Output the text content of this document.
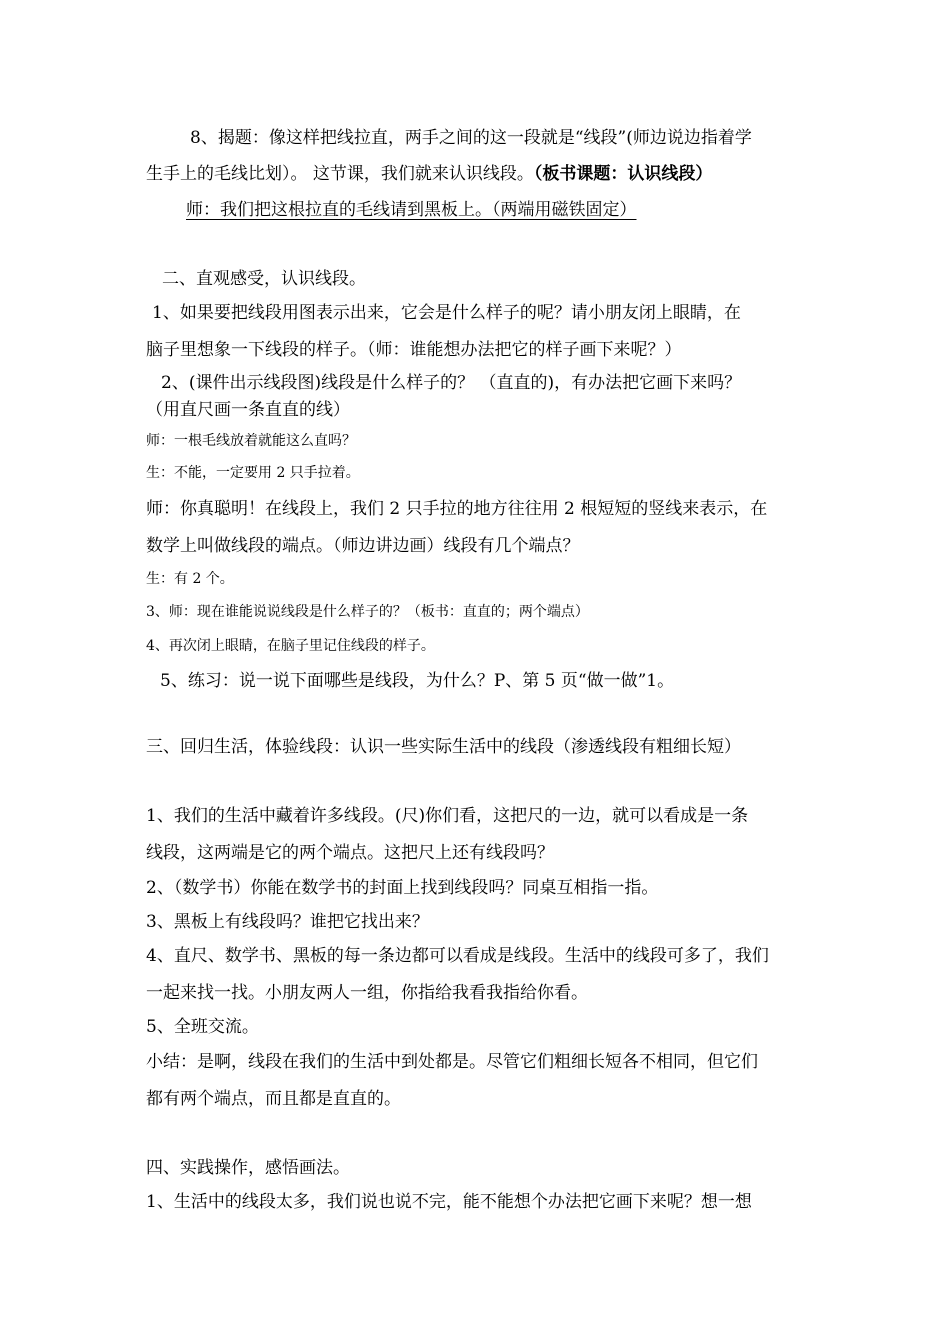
8、揭题：像这样把线拉直，两手之间的这一段就是“线段”(师边说边指着学
生手上的毛线比划）。 这节课，我们就来认识线段。（板书课题：认识线段）
师：我们把这根拉直的毛线请到黑板上。（两端用磁铁固定）
二、直观感受，认识线段。
1、如果要把线段用图表示出来，它会是什么样子的呢？请小朋友闭上眼睛，在
脑子里想象一下线段的样子。（师：谁能想办法把它的样子画下来呢？）
2、(课件出示线段图)线段是什么样子的？ （直直的)，有办法把它画下来吗？
（用直尺画一条直直的线）
师：一根毛线放着就能这么直吗？
生：不能，一定要用 2 只手拉着。
师：你真聪明！在线段上，我们 2 只手拉的地方往往用 2 根短短的竖线来表示，在
数学上叫做线段的端点。（师边讲边画）线段有几个端点？
生：有 2 个。
3、师：现在谁能说说线段是什么样子的？（板书：直直的；两个端点）
4、再次闭上眼睛，在脑子里记住线段的样子。
5、练习：说一说下面哪些是线段，为什么？P、第 5 页“做一做”1。
三、回归生活，体验线段：认识一些实际生活中的线段（渗透线段有粗细长短）
1、我们的生活中藏着许多线段。(尺)你们看，这把尺的一边，就可以看成是一条
线段，这两端是它的两个端点。这把尺上还有线段吗？
2、（数学书）你能在数学书的封面上找到线段吗？同桌互相指一指。
3、黑板上有线段吗？谁把它找出来？
4、直尺、数学书、黑板的每一条边都可以看成是线段。生活中的线段可多了，我们
一起来找一找。小朋友两人一组，你指给我看我指给你看。
5、全班交流。
小结：是啊，线段在我们的生活中到处都是。尽管它们粗细长短各不相同，但它们
都有两个端点，而且都是直直的。
四、实践操作，感悟画法。
1、生活中的线段太多，我们说也说不完，能不能想个办法把它画下来呢？想一想
